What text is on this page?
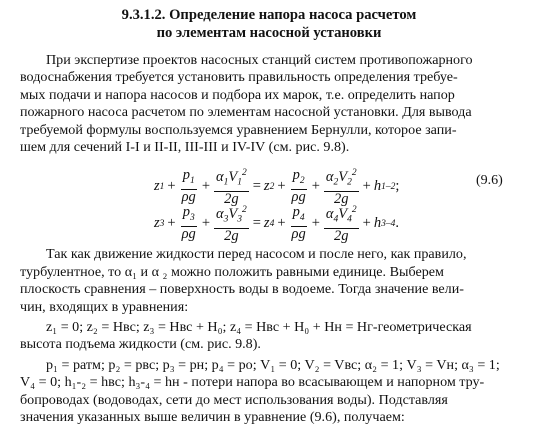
9.3.1.2. Определение напора насоса расчетом
по элементам насосной установки

При экспертизе проектов насосных станций систем противопожарного
водоснабжения требуется установить правильность определения требуе-
мых подачи и напора насосов и подбора их марок, т.е. определить напор
пожарного насоса расчетом по элементам насосной установки. Для вывода
требуемой формулы воспользуемся уравнением Бернулли, которое запи-
шем для сечений I-I и II-II, III-III и IV-IV (см. рис. 9.8).

z $1 + \frac{p_1}{\rho g} + \frac{\alpha_1V_1^2}{2g} = z$ $2 + \frac{p_2}{\rho g} + \frac{\alpha_2V_2^2}{2g} + h$ 1–2 ;
z $3 + \frac{p_3}{\rho g} + \frac{\alpha_3V_3^2}{2g} = z$ $4 + \frac{p_4}{\rho g} + \frac{\alpha_4V_4^2}{2g} + h$ 3–4 .
(9.6)

Так как движение жидкости перед насосом и после него, как правило,
турбулентное, то α₁ и α ₂ можно положить равными единице. Выберем
плоскость сравнения – поверхность воды в водоеме. Тогда значение вели-
чин, входящих в уравнения:

z₁ = 0; z₂ = Hвс; z₃ = Hвс + H₀; z₄ = Hвс + H₀ + Hн = Hг-геометрическая
высота подъема жидкости (см. рис. 9.8).

p₁ = pатм; p₂ = pвс; p₃ = pн; p₄ = pо; V₁ = 0; V₂ = Vвс; α₂ = 1; V₃ = Vн; α₃ = 1;
V₄ = 0; h₁-₂ = hвс; h₃-₄ = hн - потери напора во всасывающем и напорном тру-
бопроводах (водоводах, сети до мест использования воды). Подставляя
значения указанных выше величин в уравнение (9.6), получаем:
